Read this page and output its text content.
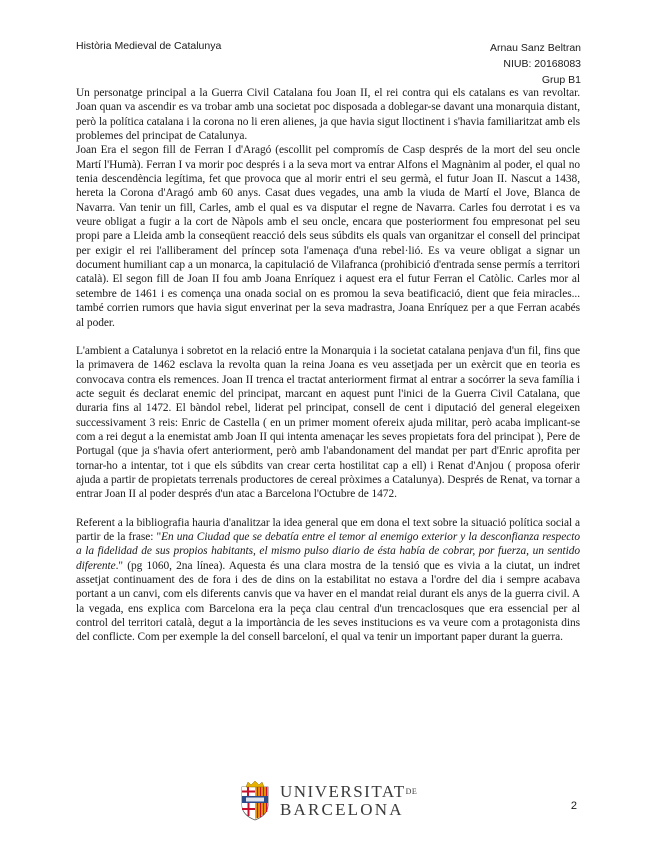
Història Medieval de Catalunya	Arnau Sanz Beltran
NIUB: 20168083
Grup B1

Un personatge principal a la Guerra Civil Catalana fou Joan II, el rei contra qui els catalans es van revoltar. Joan quan va ascendir es va trobar amb una societat poc disposada a doblegar-se davant una monarquia distant, però la política catalana i la corona no li eren alienes, ja que havia sigut lloctinent i s'havia familiaritzat amb els problemes del principat de Catalunya.

Joan Era el segon fill de Ferran I d'Aragó (escollit pel compromís de Casp després de la mort del seu oncle Martí l'Humà). Ferran I va morir poc després i a la seva mort va entrar Alfons el Magnànim al poder, el qual no tenia descendència legítima, fet que provoca que al morir entri el seu germà, el futur Joan II. Nascut a 1438, hereta la Corona d'Aragó amb 60 anys. Casat dues vegades, una amb la viuda de Martí el Jove, Blanca de Navarra. Van tenir un fill, Carles, amb el qual es va disputar el regne de Navarra. Carles fou derrotat i es va veure obligat a fugir a la cort de Nàpols amb el seu oncle, encara que posteriorment fou empresonat pel seu propi pare a Lleida amb la conseqüent reacció dels seus súbdits els quals van organitzar el consell del principat per exigir el rei l'alliberament del príncep sota l'amenaça d'una rebel·lió. Es va veure obligat a signar un document humiliant cap a un monarca, la capitulació de Vilafranca (prohibició d'entrada sense permís a territori català). El segon fill de Joan II fou amb Joana Enríquez i aquest era el futur Ferran el Catòlic. Carles mor al setembre de 1461 i es comença una onada social on es promou la seva beatificació, dient que feia miracles... també corrien rumors que havia sigut enverinat per la seva madrastra, Joana Enríquez per a que Ferran acabés al poder.

L'ambient a Catalunya i sobretot en la relació entre la Monarquia i la societat catalana penjava d'un fil, fins que la primavera de 1462 esclava la revolta quan la reina Joana es veu assetjada per un exèrcit que en teoria es convocava contra els remences. Joan II trenca el tractat anteriorment firmat al entrar a socórrer la seva família i acte seguit és declarat enemic del principat, marcant en aquest punt l'inici de la Guerra Civil Catalana, que duraria fins al 1472. El bàndol rebel, liderat pel principat, consell de cent i diputació del general elegeixen successivament 3 reis: Enric de Castella ( en un primer moment ofereix ajuda militar, però acaba implicant-se com a rei degut a la enemistat amb Joan II qui intenta amenaçar les seves propietats fora del principat ), Pere de Portugal (que ja s'havia ofert anteriorment, però amb l'abandonament del mandat per part d'Enric aprofita per tornar-ho a intentar, tot i que els súbdits van crear certa hostilitat cap a ell) i Renat d'Anjou ( proposa oferir ajuda a partir de propietats terrenals productores de cereal pròximes a Catalunya). Després de Renat, va tornar a entrar Joan II al poder després d'un atac a Barcelona l'Octubre de 1472.

Referent a la bibliografia hauria d'analitzar la idea general que em dona el text sobre la situació política social a partir de la frase: "En una Ciudad que se debatía entre el temor al enemigo exterior y la desconfianza respecto a la fidelidad de sus propios habitants, el mismo pulso diario de ésta había de cobrar, por fuerza, un sentido diferente." (pg 1060, 2na línea). Aquesta és una clara mostra de la tensió que es vivia a la ciutat, un indret assetjat continuament des de fora i des de dins on la estabilitat no estava a l'ordre del dia i sempre acabava portant a un canvi, com els diferents canvis que va haver en el mandat reial durant els anys de la guerra civil. A la vegada, ens explica com Barcelona era la peça clau central d'un trencaclosques que era essencial per al control del territori català, degut a la importància de les seves institucions es va veure com a protagonista dins del conflicte. Com per exemple la del consell barceloní, el qual va tenir un important paper durant la guerra.

$UNIVERSITAT^{DE}$
BARCELONA	2
